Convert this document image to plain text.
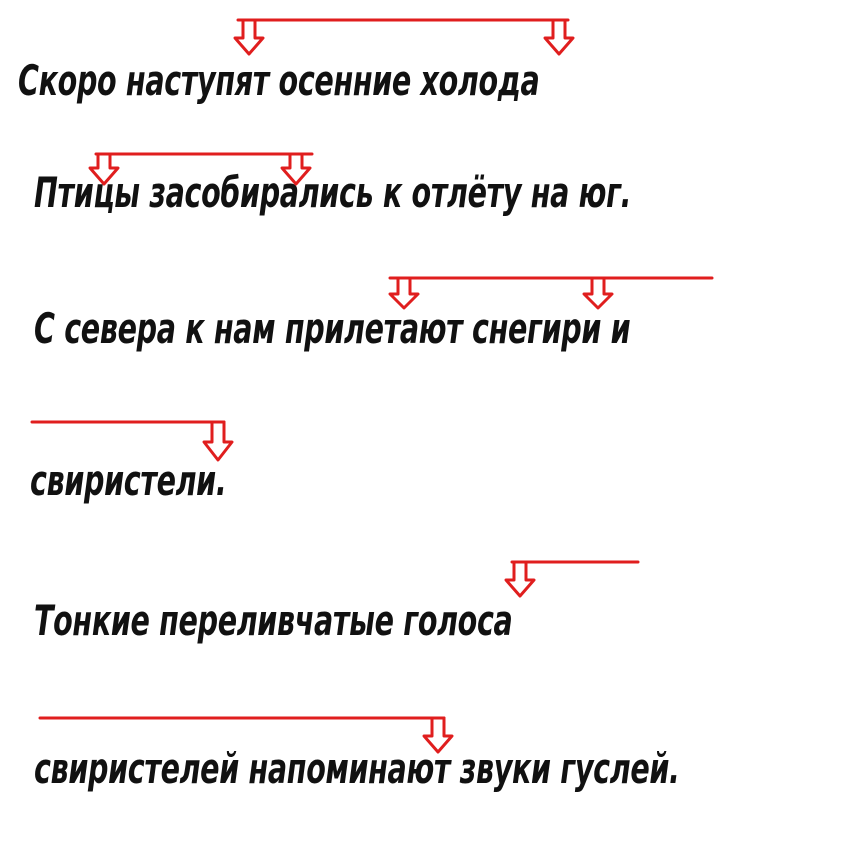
Скоро наступят осенние холода
Птицы засобирались к отлёту на юг.
С севера к нам прилетают снегири и
свиристели.
Тонкие переливчатые голоса
свиристелей напоминают звуки гуслей.
